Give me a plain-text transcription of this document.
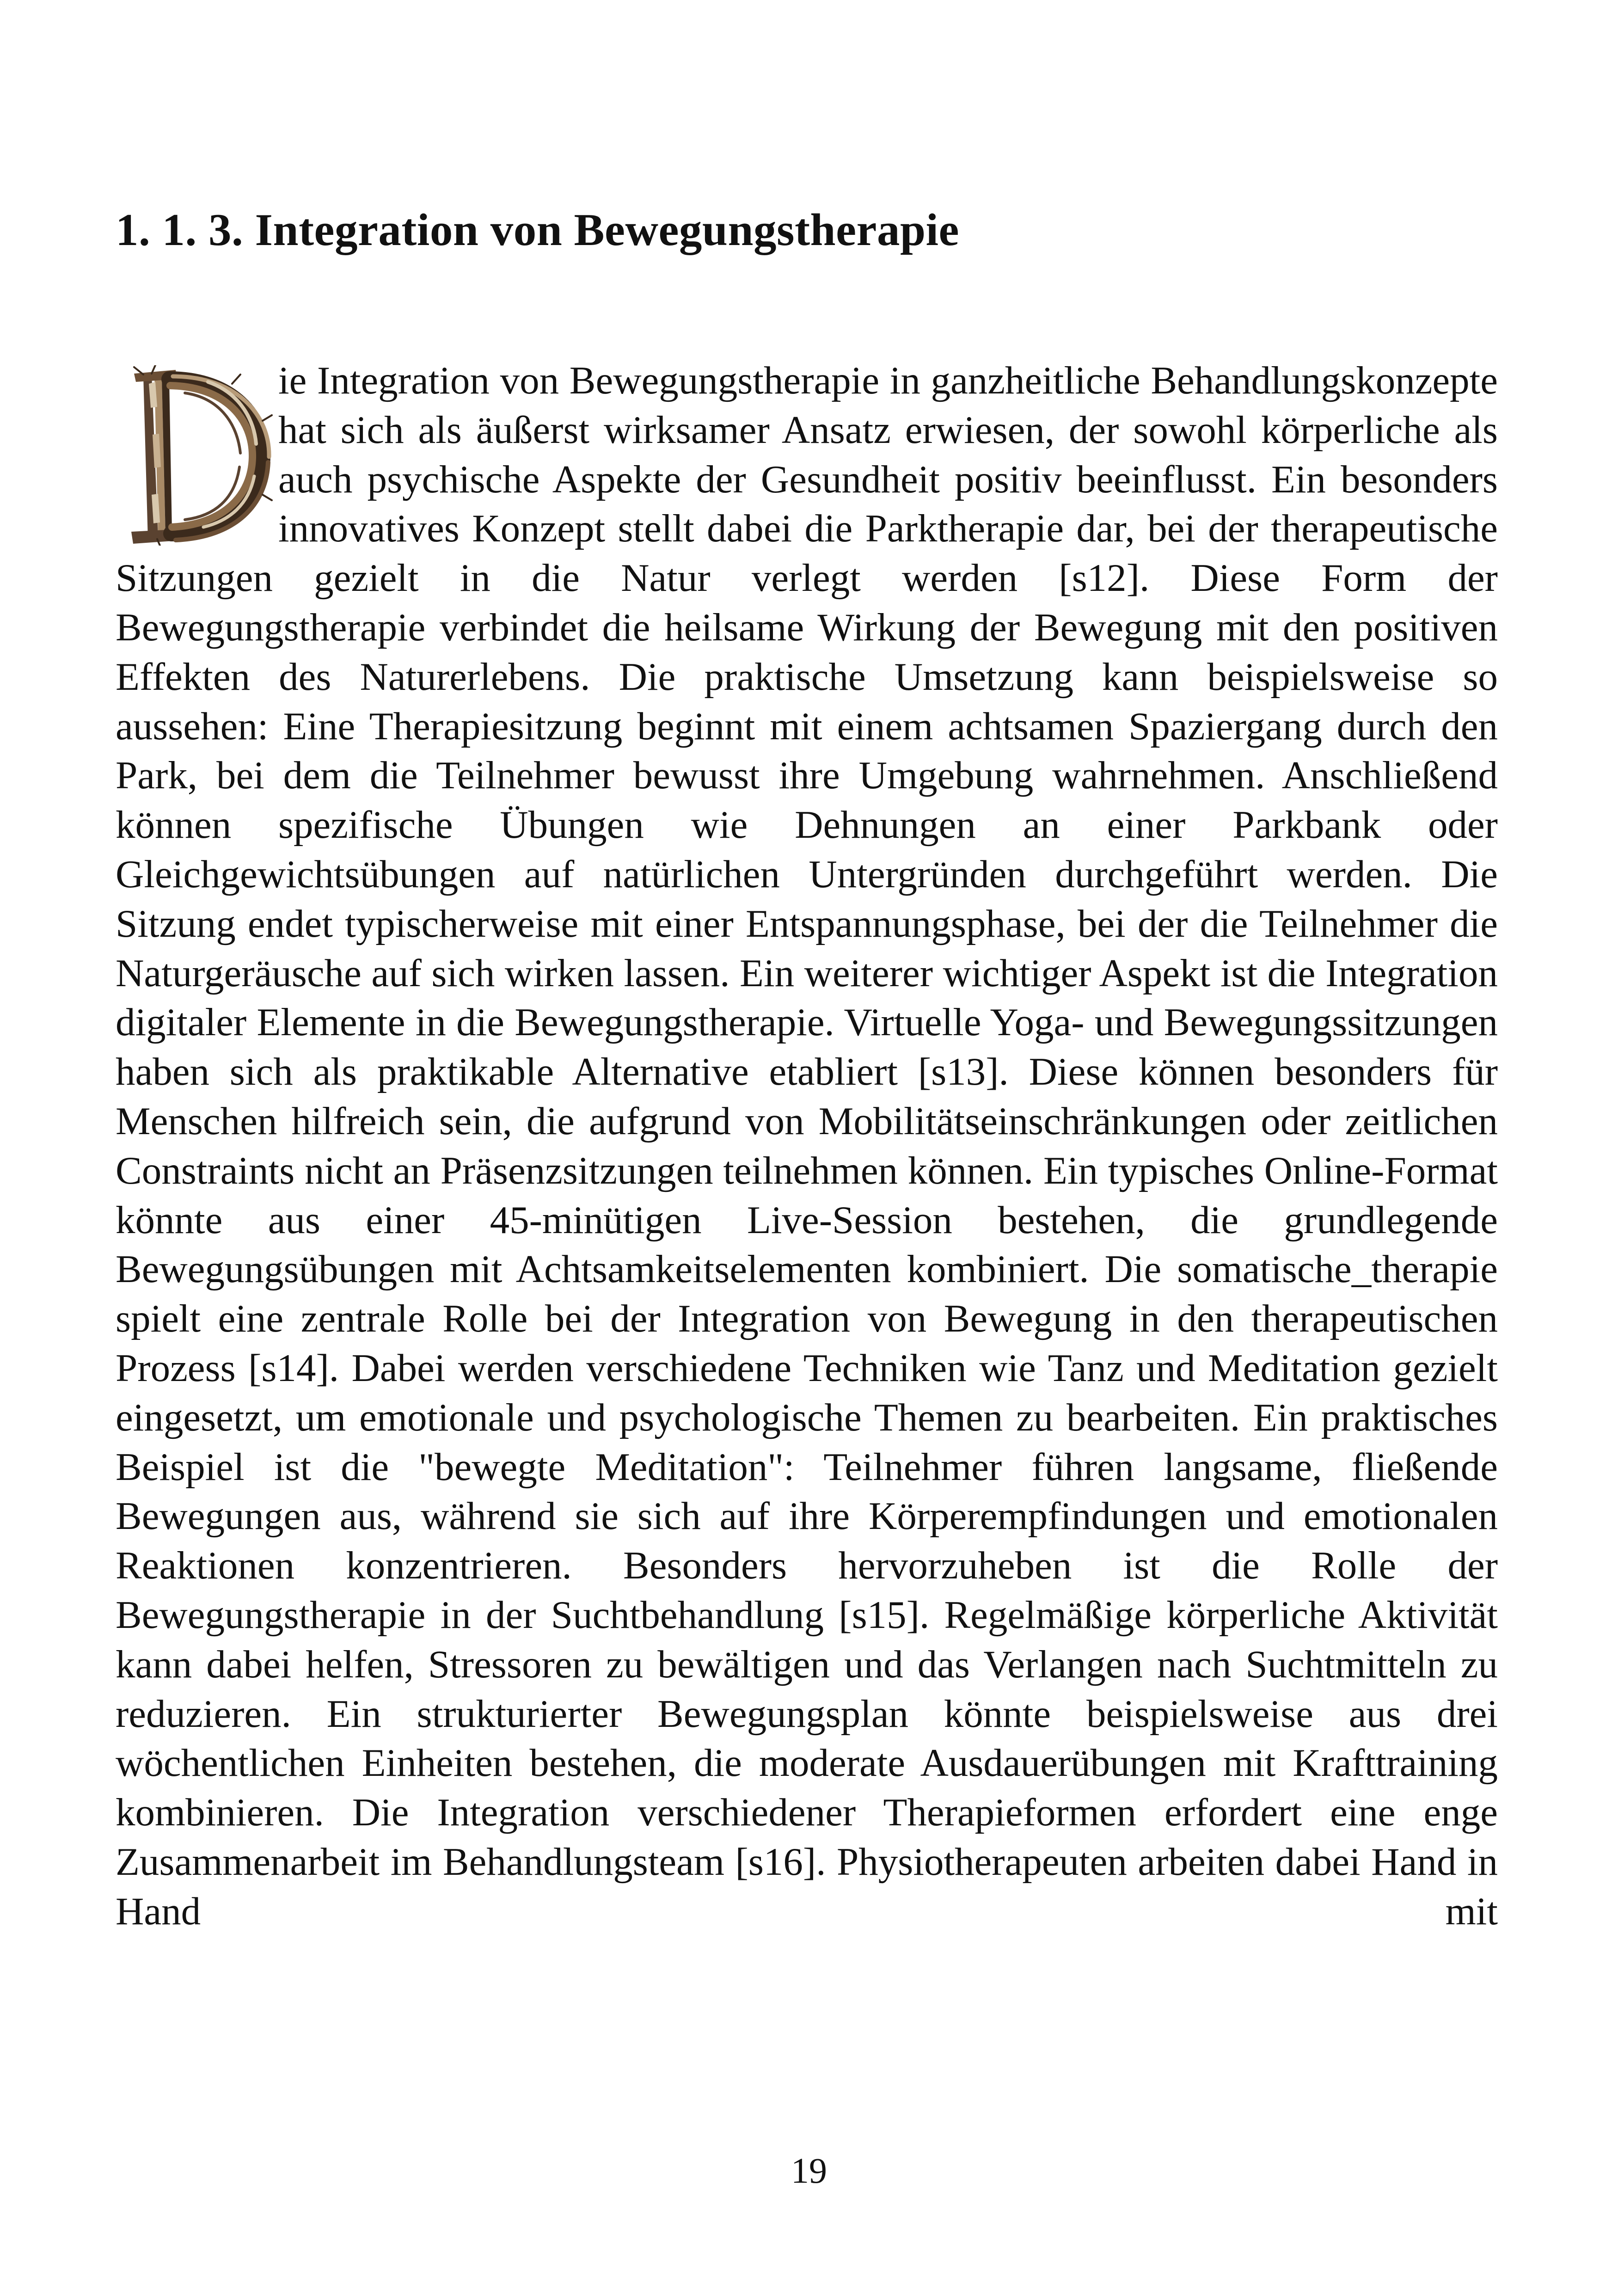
1. 1. 3. Integration von Bewegungstherapie

ie Integration von Bewegungstherapie in ganzheitliche Behandlungskonzepte hat sich als äußerst wirksamer Ansatz erwiesen, der sowohl körperliche als auch psychische Aspekte der Gesundheit positiv beeinflusst. Ein besonders innovatives Konzept stellt dabei die Parktherapie dar, bei der therapeutische Sitzungen gezielt in die Natur verlegt werden [s12]. Diese Form der Bewegungstherapie verbindet die heilsame Wirkung der Bewegung mit den positiven Effekten des Naturerlebens. Die praktische Umsetzung kann beispielsweise so aussehen: Eine Therapiesitzung beginnt mit einem achtsamen Spaziergang durch den Park, bei dem die Teilnehmer bewusst ihre Umgebung wahrnehmen. Anschließend können spezifische Übungen wie Dehnungen an einer Parkbank oder Gleichgewichtsübungen auf natürlichen Untergründen durchgeführt werden. Die Sitzung endet typischerweise mit einer Entspannungsphase, bei der die Teilnehmer die Naturgeräusche auf sich wirken lassen. Ein weiterer wichtiger Aspekt ist die Integration digitaler Elemente in die Bewegungstherapie. Virtuelle Yoga- und Bewegungssitzungen haben sich als praktikable Alternative etabliert [s13]. Diese können besonders für Menschen hilfreich sein, die aufgrund von Mobilitätseinschränkungen oder zeitlichen Constraints nicht an Präsenzsitzungen teilnehmen können. Ein typisches Online-Format könnte aus einer 45-minütigen Live-Session bestehen, die grundlegende Bewegungsübungen mit Achtsamkeitselementen kombiniert. Die somatische_therapie spielt eine zentrale Rolle bei der Integration von Bewegung in den therapeutischen Prozess [s14]. Dabei werden verschiedene Techniken wie Tanz und Meditation gezielt eingesetzt, um emotionale und psychologische Themen zu bearbeiten. Ein praktisches Beispiel ist die "bewegte Meditation": Teilnehmer führen langsame, fließende Bewegungen aus, während sie sich auf ihre Körperempfindungen und emotionalen Reaktionen konzentrieren. Besonders hervorzuheben ist die Rolle der Bewegungstherapie in der Suchtbehandlung [s15]. Regelmäßige körperliche Aktivität kann dabei helfen, Stressoren zu bewältigen und das Verlangen nach Suchtmitteln zu reduzieren. Ein strukturierter Bewegungsplan könnte beispielsweise aus drei wöchentlichen Einheiten bestehen, die moderate Ausdauerübungen mit Krafttraining kombinieren. Die Integration verschiedener Therapieformen erfordert eine enge Zusammenarbeit im Behandlungsteam [s16]. Physiotherapeuten arbeiten dabei Hand in Hand mit

19
